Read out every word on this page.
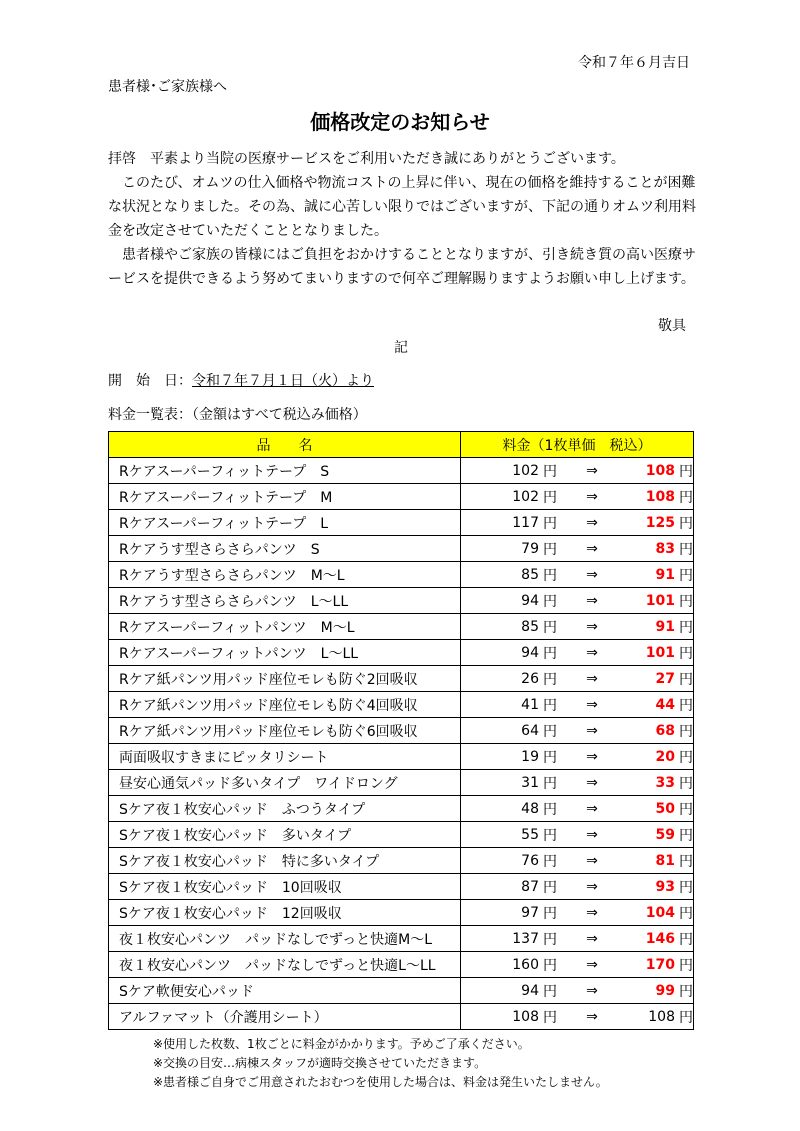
令和７年６月吉日
患者様･ご家族様へ
価格改定のお知らせ

拝啓　平素より当院の医療サービスをご利用いただき誠にありがとうございます。

　このたび、オムツの仕入価格や物流コストの上昇に伴い、現在の価格を維持することが困難な状況となりました。その為、誠に心苦しい限りではございますが、下記の通りオムツ利用料金を改定させていただくこととなりました。

　患者様やご家族の皆様にはご負担をおかけすることとなりますが、引き続き質の高い医療サービスを提供できるよう努めてまいりますので何卒ご理解賜りますようお願い申し上げます。

敬具
記
開　始　日：令和７年７月１日（火）より
料金一覧表：（金額はすべて税込み価格）
品　　名	料金（1枚単価　税込）
Rケアスーパーフィットテープ　S	102 円 ⇒ 108 円

Rケアスーパーフィットテープ　M	102 円 ⇒ 108 円

Rケアスーパーフィットテープ　L	117 円 ⇒ 125 円

Rケアうす型さらさらパンツ　S	79 円 ⇒ 83 円

Rケアうす型さらさらパンツ　M～L	85 円 ⇒ 91 円

Rケアうす型さらさらパンツ　L～LL	94 円 ⇒ 101 円

Rケアスーパーフィットパンツ　M～L	85 円 ⇒ 91 円

Rケアスーパーフィットパンツ　L～LL	94 円 ⇒ 101 円

Rケア紙パンツ用パッド座位モレも防ぐ2回吸収	26 円 ⇒ 27 円

Rケア紙パンツ用パッド座位モレも防ぐ4回吸収	41 円 ⇒ 44 円

Rケア紙パンツ用パッド座位モレも防ぐ6回吸収	64 円 ⇒ 68 円

両面吸収すきまにピッタリシート	19 円 ⇒ 20 円

昼安心通気パッド多いタイプ　ワイドロング	31 円 ⇒ 33 円

Sケア夜１枚安心パッド　ふつうタイプ	48 円 ⇒ 50 円

Sケア夜１枚安心パッド　多いタイプ	55 円 ⇒ 59 円

Sケア夜１枚安心パッド　特に多いタイプ	76 円 ⇒ 81 円

Sケア夜１枚安心パッド　10回吸収	87 円 ⇒ 93 円

Sケア夜１枚安心パッド　12回吸収	97 円 ⇒ 104 円

夜１枚安心パンツ　パッドなしでずっと快適M～L	137 円 ⇒ 146 円

夜１枚安心パンツ　パッドなしでずっと快適L～LL	160 円 ⇒ 170 円

Sケア軟便安心パッド	94 円 ⇒ 99 円

アルファマット（介護用シート）	108 円 ⇒ 108 円
※使用した枚数、1枚ごとに料金がかかります。予めご了承ください。
※交換の目安…病棟スタッフが適時交換させていただきます。
※患者様ご自身でご用意されたおむつを使用した場合は、料金は発生いたしません。
